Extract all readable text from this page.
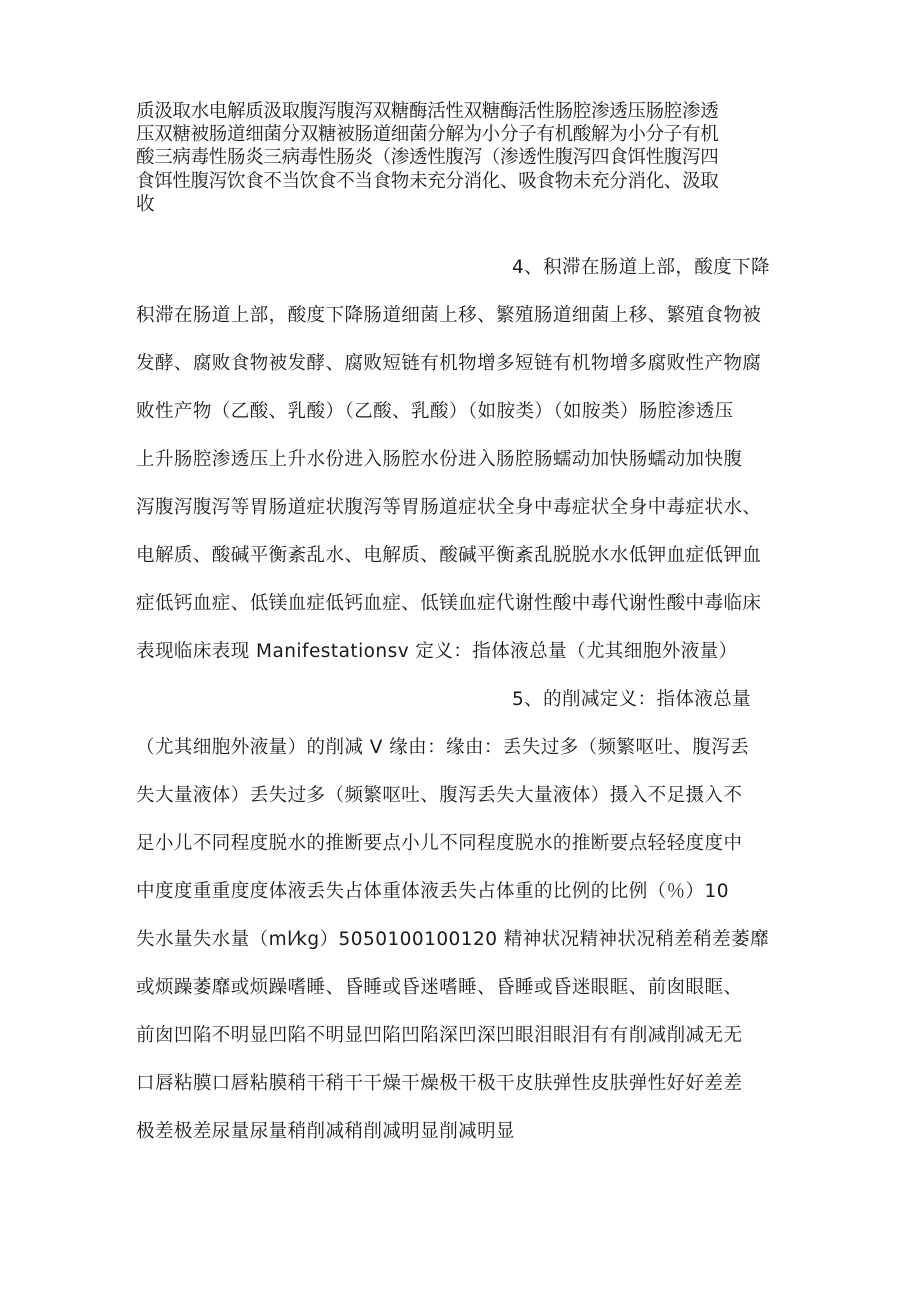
质汲取水电解质汲取腹泻腹泻双糖酶活性双糖酶活性肠腔渗透压肠腔渗透
压双糖被肠道细菌分双糖被肠道细菌分解为小分子有机酸解为小分子有机
酸三病毒性肠炎三病毒性肠炎（渗透性腹泻（渗透性腹泻四食饵性腹泻四
食饵性腹泻饮食不当饮食不当食物未充分消化、吸食物未充分消化、汲取
收
4、积滞在肠道上部，酸度下降
积滞在肠道上部，酸度下降肠道细菌上移、繁殖肠道细菌上移、繁殖食物被
发酵、腐败食物被发酵、腐败短链有机物增多短链有机物增多腐败性产物腐
败性产物（乙酸、乳酸）（乙酸、乳酸）（如胺类）（如胺类）肠腔渗透压
上升肠腔渗透压上升水份进入肠腔水份进入肠腔肠蠕动加快肠蠕动加快腹
泻腹泻腹泻等胃肠道症状腹泻等胃肠道症状全身中毒症状全身中毒症状水、
电解质、酸碱平衡紊乱水、电解质、酸碱平衡紊乱脱脱水水低钾血症低钾血
症低钙血症、低镁血症低钙血症、低镁血症代谢性酸中毒代谢性酸中毒临床
表现临床表现 Manifestationsv 定义：指体液总量（尤其细胞外液量）
5、的削减定义：指体液总量
（尤其细胞外液量）的削减 V 缘由：缘由：丢失过多（频繁呕吐、腹泻丢
失大量液体）丢失过多（频繁呕吐、腹泻丢失大量液体）摄入不足摄入不
足小儿不同程度脱水的推断要点小儿不同程度脱水的推断要点轻轻度度中
中度度重重度度体液丢失占体重体液丢失占体重的比例的比例（％）10
失水量失水量（ml⁄kg）5050100100120 精神状况精神状况稍差稍差萎靡
或烦躁萎靡或烦躁嗜睡、昏睡或昏迷嗜睡、昏睡或昏迷眼眶、前囱眼眶、
前囱凹陷不明显凹陷不明显凹陷凹陷深凹深凹眼泪眼泪有有削减削减无无
口唇粘膜口唇粘膜稍干稍干干燥干燥极干极干皮肤弹性皮肤弹性好好差差
极差极差尿量尿量稍削减稍削减明显削减明显
